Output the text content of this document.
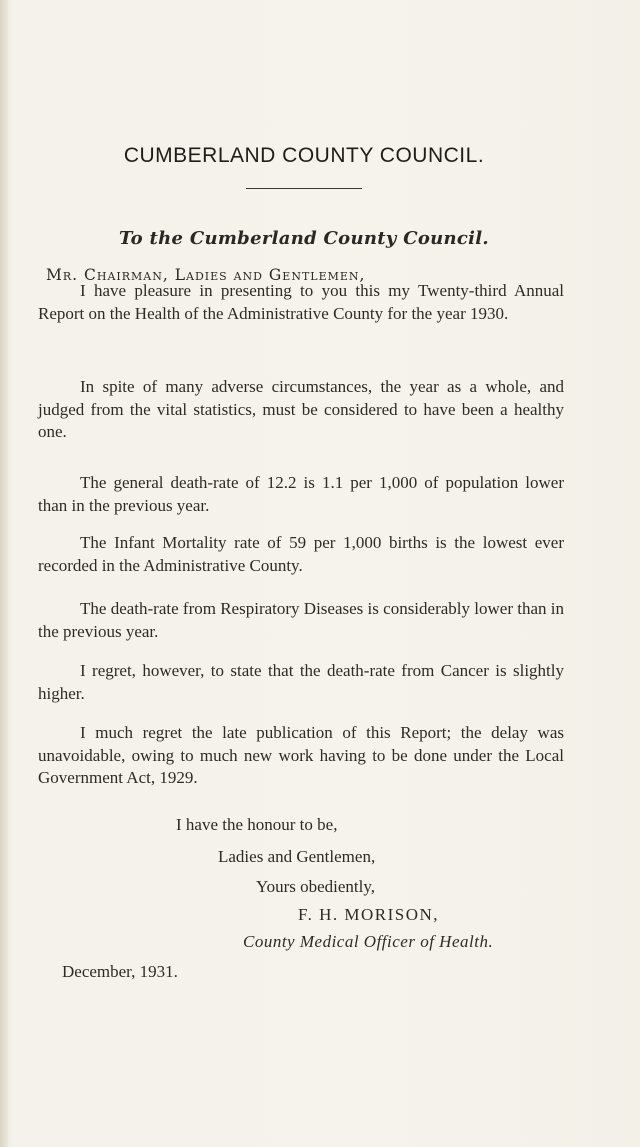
CUMBERLAND COUNTY COUNCIL.
To the Cumberland County Council.
Mr. Chairman, Ladies and Gentlemen,

I have pleasure in presenting to you this my Twenty-third Annual Report on the Health of the Administrative County for the year 1930.

In spite of many adverse circumstances, the year as a whole, and judged from the vital statistics, must be considered to have been a healthy one.

The general death-rate of 12.2 is 1.1 per 1,000 of population lower than in the previous year.

The Infant Mortality rate of 59 per 1,000 births is the lowest ever recorded in the Administrative County.

The death-rate from Respiratory Diseases is considerably lower than in the previous year.

I regret, however, to state that the death-rate from Cancer is slightly higher.

I much regret the late publication of this Report; the delay was unavoidable, owing to much new work having to be done under the Local Government Act, 1929.

I have the honour to be,
Ladies and Gentlemen,
Yours obediently,
F. H. MORISON,
County Medical Officer of Health.
December, 1931.
